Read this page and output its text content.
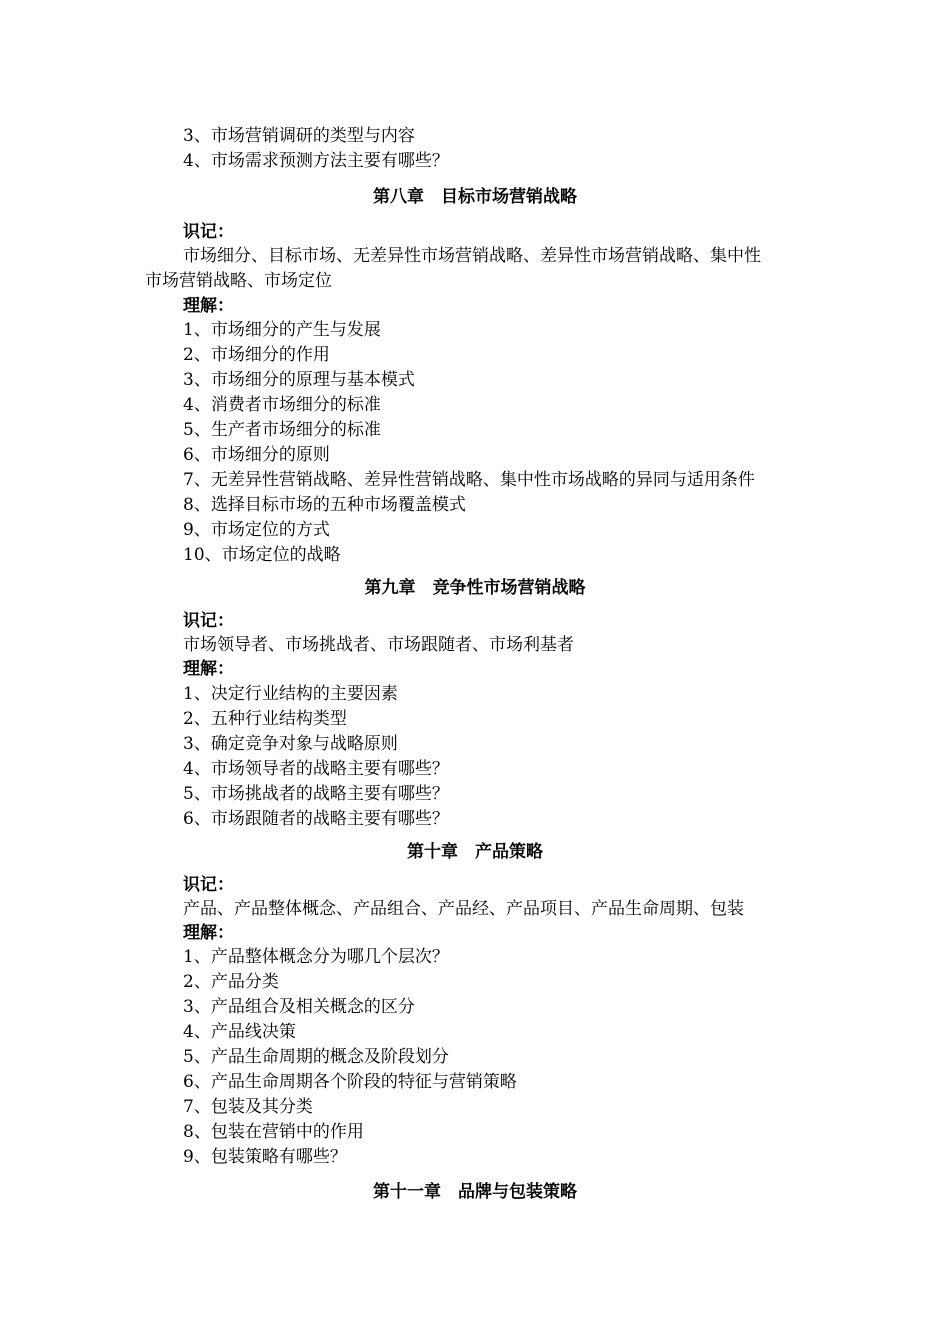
3、市场营销调研的类型与内容
4、市场需求预测方法主要有哪些？
第八章　目标市场营销战略
识记：
市场细分、目标市场、无差异性市场营销战略、差异性市场营销战略、集中性
市场营销战略、市场定位
理解：
1、市场细分的产生与发展
2、市场细分的作用
3、市场细分的原理与基本模式
4、消费者市场细分的标准
5、生产者市场细分的标准
6、市场细分的原则
7、无差异性营销战略、差异性营销战略、集中性市场战略的异同与适用条件
8、选择目标市场的五种市场覆盖模式
9、市场定位的方式
10、市场定位的战略
第九章　竞争性市场营销战略
识记：
市场领导者、市场挑战者、市场跟随者、市场利基者
理解：
1、决定行业结构的主要因素
2、五种行业结构类型
3、确定竞争对象与战略原则
4、市场领导者的战略主要有哪些？
5、市场挑战者的战略主要有哪些？
6、市场跟随者的战略主要有哪些？
第十章　产品策略
识记：
产品、产品整体概念、产品组合、产品经、产品项目、产品生命周期、包装
理解：
1、产品整体概念分为哪几个层次？
2、产品分类
3、产品组合及相关概念的区分
4、产品线决策
5、产品生命周期的概念及阶段划分
6、产品生命周期各个阶段的特征与营销策略
7、包装及其分类
8、包装在营销中的作用
9、包装策略有哪些？
第十一章　品牌与包装策略
